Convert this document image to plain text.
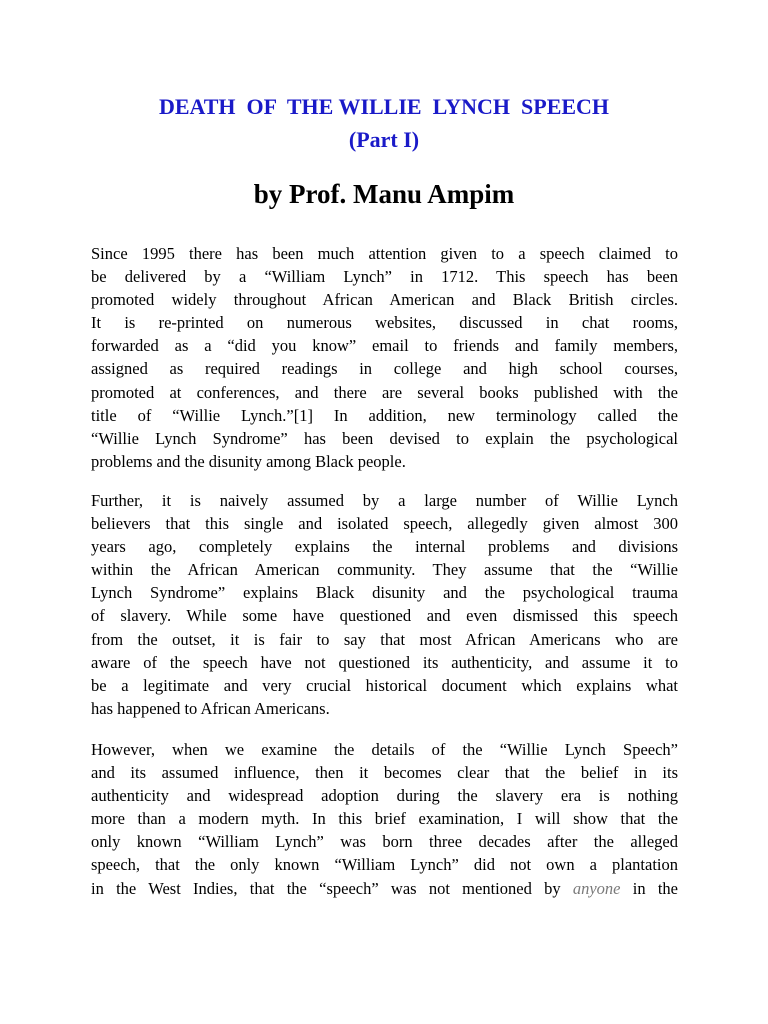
DEATH  OF  THE WILLIE  LYNCH  SPEECH
(Part I)
by Prof. Manu Ampim

Since 1995 there has been much attention given to a speech claimed to
be delivered by a “William Lynch” in 1712. This speech has been
promoted widely throughout African American and Black British circles.
It is re-printed on numerous websites, discussed in chat rooms,
forwarded as a “did you know” email to friends and family members,
assigned as required readings in college and high school courses,
promoted at conferences, and there are several books published with the
title of “Willie Lynch.”[1] In addition, new terminology called the
“Willie Lynch Syndrome” has been devised to explain the psychological
problems and the disunity among Black people.

Further, it is naively assumed by a large number of Willie Lynch
believers that this single and isolated speech, allegedly given almost 300
years ago, completely explains the internal problems and divisions
within the African American community. They assume that the “Willie
Lynch Syndrome” explains Black disunity and the psychological trauma
of slavery. While some have questioned and even dismissed this speech
from the outset, it is fair to say that most African Americans who are
aware of the speech have not questioned its authenticity, and assume it to
be a legitimate and very crucial historical document which explains what
has happened to African Americans.

However, when we examine the details of the “Willie Lynch Speech”
and its assumed influence, then it becomes clear that the belief in its
authenticity and widespread adoption during the slavery era is nothing
more than a modern myth. In this brief examination, I will show that the
only known “William Lynch” was born three decades after the alleged
speech, that the only known “William Lynch” did not own a plantation
in the West Indies, that the “speech” was not mentioned by anyone in the
